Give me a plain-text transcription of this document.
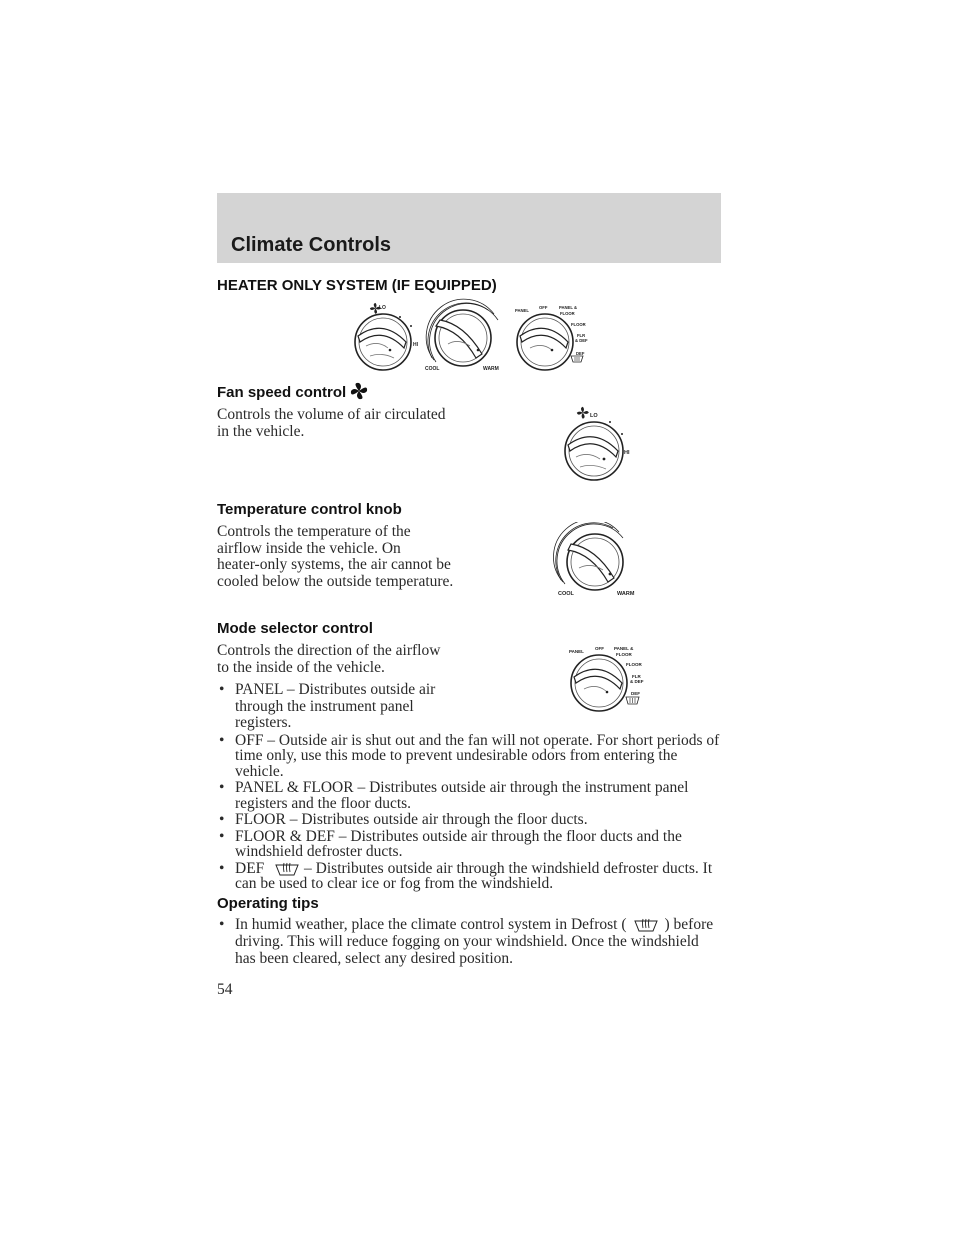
Climate Controls
HEATER ONLY SYSTEM (IF EQUIPPED)
LO
HI
COOL	WARM
PANEL
OFF	PANEL &
FLOOR
FLOOR
FLR
& DEF
DEF
Fan speed control

Controls the volume of air circulated
in the vehicle.

LO
HI
Temperature control knob

Controls the temperature of the
airflow inside the vehicle. On
heater-only systems, the air cannot be
cooled below the outside temperature.

COOL	WARM
Mode selector control

Controls the direction of the airflow
to the inside of the vehicle.

PANEL
OFF PANEL &
FLOOR
FLOOR
FLR
& DEF
DEF
• PANEL – Distributes outside air
through the instrument panel
registers.
• OFF – Outside air is shut out and the fan will not operate. For short periods of time only, use this mode to prevent undesirable odors from entering the vehicle.
• PANEL & FLOOR – Distributes outside air through the instrument panel registers and the floor ducts.
• FLOOR – Distributes outside air through the floor ducts.
• FLOOR & DEF – Distributes outside air through the floor ducts and the windshield defroster ducts.
• DEF  – Distributes outside air through the windshield defroster ducts. It can be used to clear ice or fog from the windshield.
Operating tips
• In humid weather, place the climate control system in Defrost ( ) before driving. This will reduce fogging on your windshield. Once the windshield has been cleared, select any desired position.

54
